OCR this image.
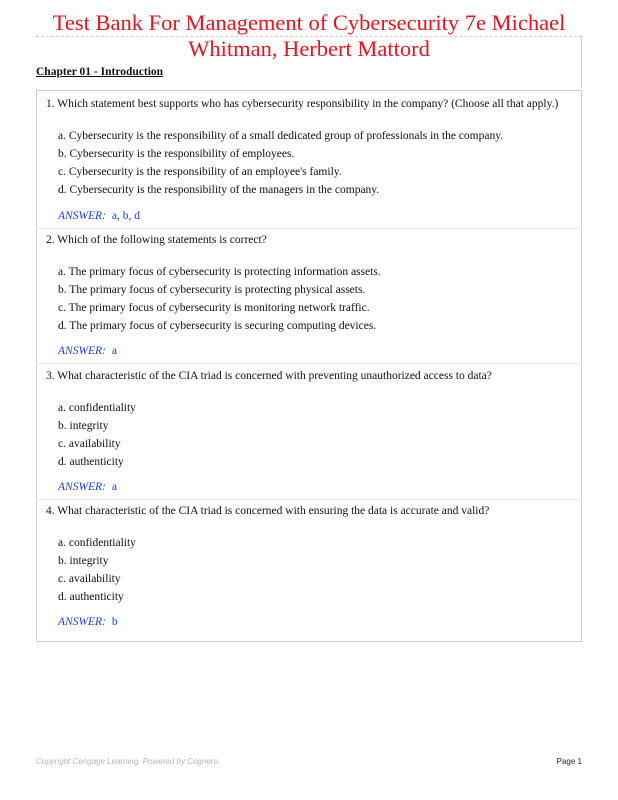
Test Bank For Management of Cybersecurity 7e Michael
Whitman, Herbert Mattord
Chapter 01 - Introduction
1. Which statement best supports who has cybersecurity responsibility in the company? (Choose all that apply.)
a. Cybersecurity is the responsibility of a small dedicated group of professionals in the company.
b. Cybersecurity is the responsibility of employees.
c. Cybersecurity is the responsibility of an employee's family.
d. Cybersecurity is the responsibility of the managers in the company.
ANSWER: a, b, d
2. Which of the following statements is correct?
a. The primary focus of cybersecurity is protecting information assets.
b. The primary focus of cybersecurity is protecting physical assets.
c. The primary focus of cybersecurity is monitoring network traffic.
d. The primary focus of cybersecurity is securing computing devices.
ANSWER: a
3. What characteristic of the CIA triad is concerned with preventing unauthorized access to data?
a. confidentiality
b. integrity
c. availability
d. authenticity
ANSWER: a
4. What characteristic of the CIA triad is concerned with ensuring the data is accurate and valid?
a. confidentiality
b. integrity
c. availability
d. authenticity
ANSWER: b
Copyright Cengage Learning. Powered by Cognero.	Page 1
